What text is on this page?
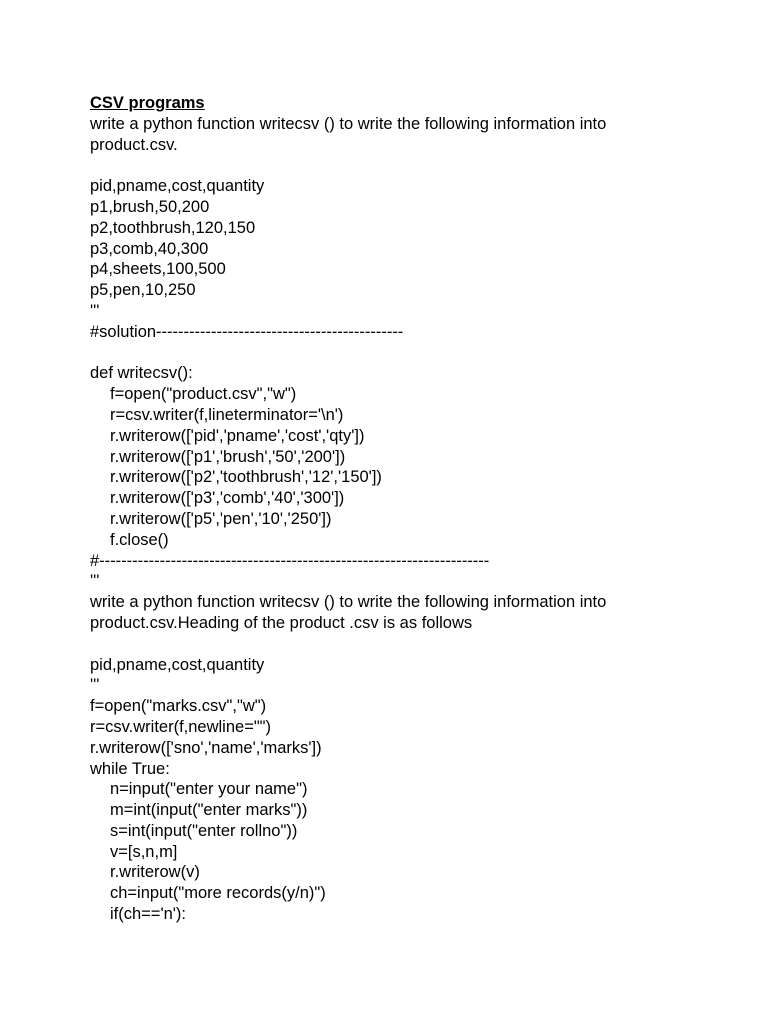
CSV programs
write a python function writecsv () to write the following information into
product.csv.
pid,pname,cost,quantity
p1,brush,50,200
p2,toothbrush,120,150
p3,comb,40,300
p4,sheets,100,500
p5,pen,10,250
'''
#solution---------------------------------------------
def writecsv():
f=open("product.csv","w")
r=csv.writer(f,lineterminator='\n')
r.writerow(['pid','pname','cost','qty'])
r.writerow(['p1','brush','50','200'])
r.writerow(['p2','toothbrush','12','150'])
r.writerow(['p3','comb','40','300'])
r.writerow(['p5','pen','10','250'])
f.close()
#-----------------------------------------------------------------------
'''
write a python function writecsv () to write the following information into
product.csv.Heading of the product .csv is as follows
pid,pname,cost,quantity
'''
f=open("marks.csv","w")
r=csv.writer(f,newline="")
r.writerow(['sno','name','marks'])
while True:
n=input("enter your name")
m=int(input("enter marks"))
s=int(input("enter rollno"))
v=[s,n,m]
r.writerow(v)
ch=input("more records(y/n)")
if(ch=='n'):
